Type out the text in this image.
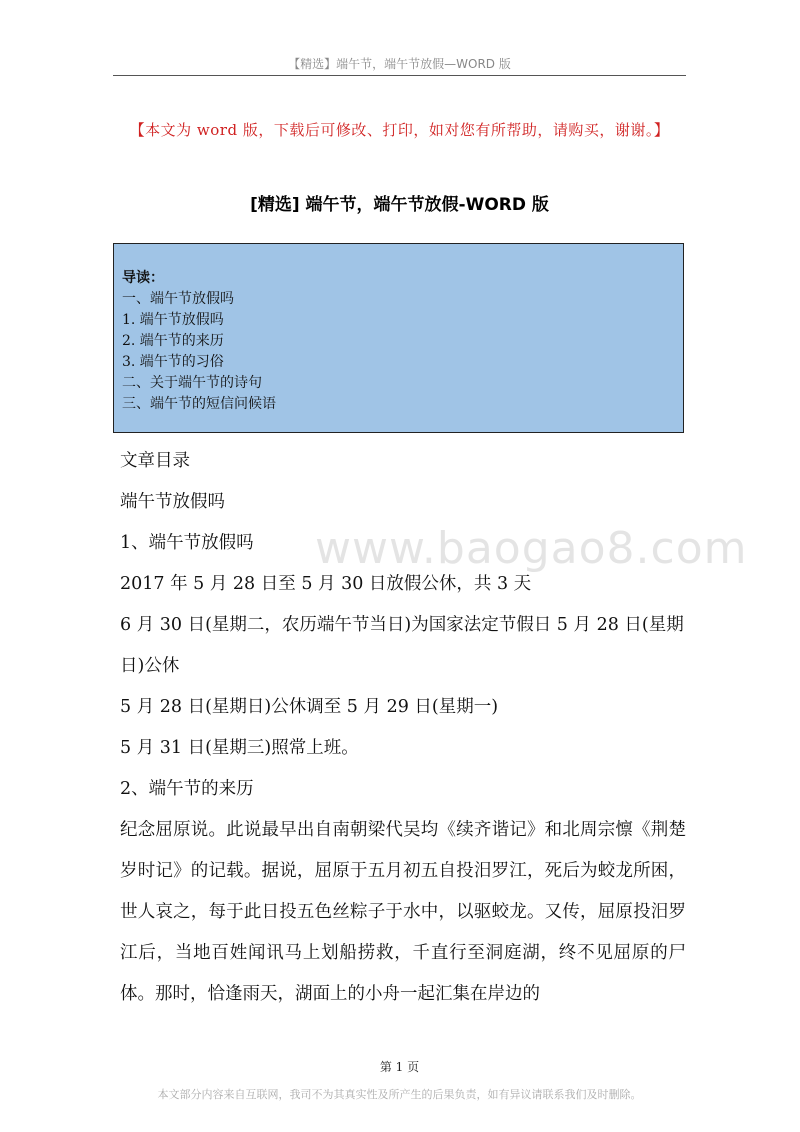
【精选】端午节，端午节放假—WORD 版
【本文为 word 版，下载后可修改、打印，如对您有所帮助，请购买，谢谢。】
[精选] 端午节，端午节放假-WORD 版
导读：
一、端午节放假吗
1. 端午节放假吗
2. 端午节的来历
3. 端午节的习俗
二、关于端午节的诗句
三、端午节的短信问候语

文章目录

端午节放假吗

1、端午节放假吗

2017 年 5 月 28 日至 5 月 30 日放假公休，共 3 天

6 月 30 日(星期二，农历端午节当日)为国家法定节假日 5 月 28 日(星期日)公休

5 月 28 日(星期日)公休调至 5 月 29 日(星期一)

5 月 31 日(星期三)照常上班。

2、端午节的来历

纪念屈原说。此说最早出自南朝梁代吴均《续齐谐记》和北周宗懔《荆楚岁时记》的记载。据说，屈原于五月初五自投汨罗江，死后为蛟龙所困，世人哀之，每于此日投五色丝粽子于水中，以驱蛟龙。又传，屈原投汨罗江后，当地百姓闻讯马上划船捞救，千直行至洞庭湖，终不见屈原的尸体。那时，恰逢雨天，湖面上的小舟一起汇集在岸边的

www.baogao8.com
第 1 页
本文部分内容来自互联网，我司不为其真实性及所产生的后果负责，如有异议请联系我们及时删除。
